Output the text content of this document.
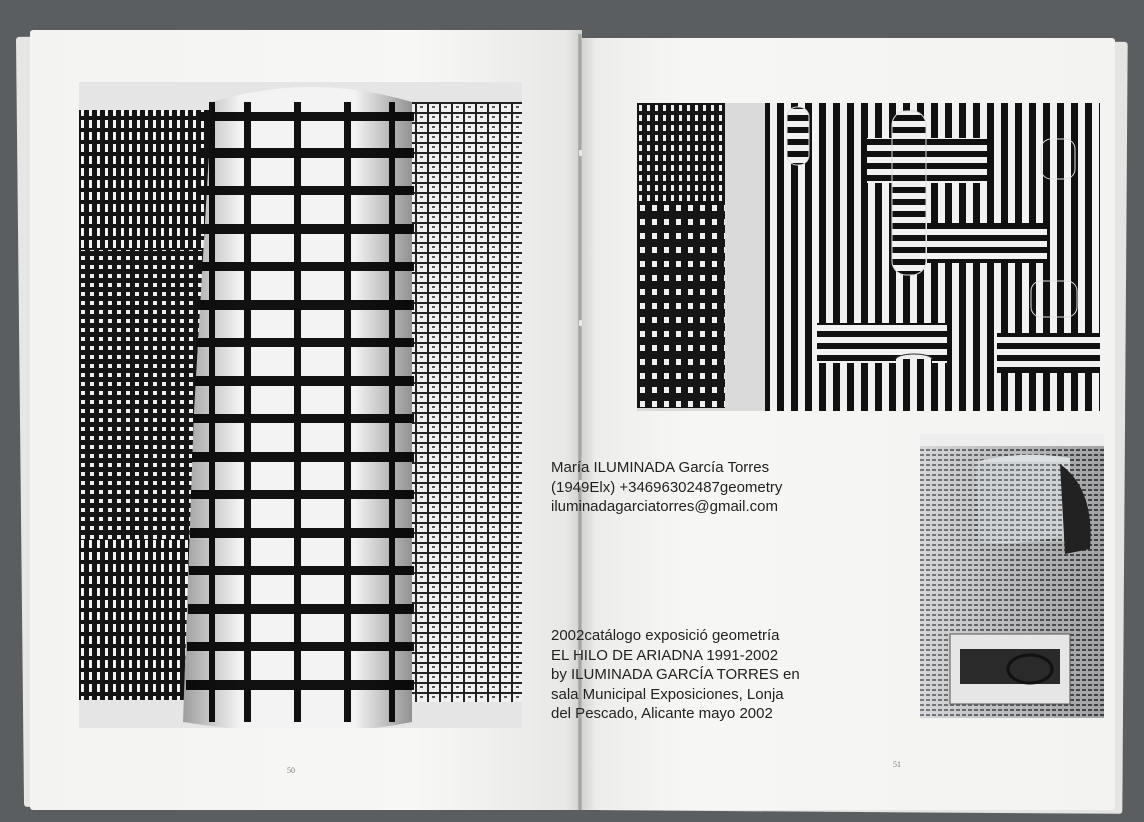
María ILUMINADA García Torres
(1949Elx) +34696302487geometry
iluminadagarciatorres@gmail.com
2002catálogo exposició geometría
EL HILO DE ARIADNA 1991-2002
by ILUMINADA GARCÍA TORRES en
sala Municipal Exposiciones, Lonja
del Pescado, Alicante mayo 2002
50
51
